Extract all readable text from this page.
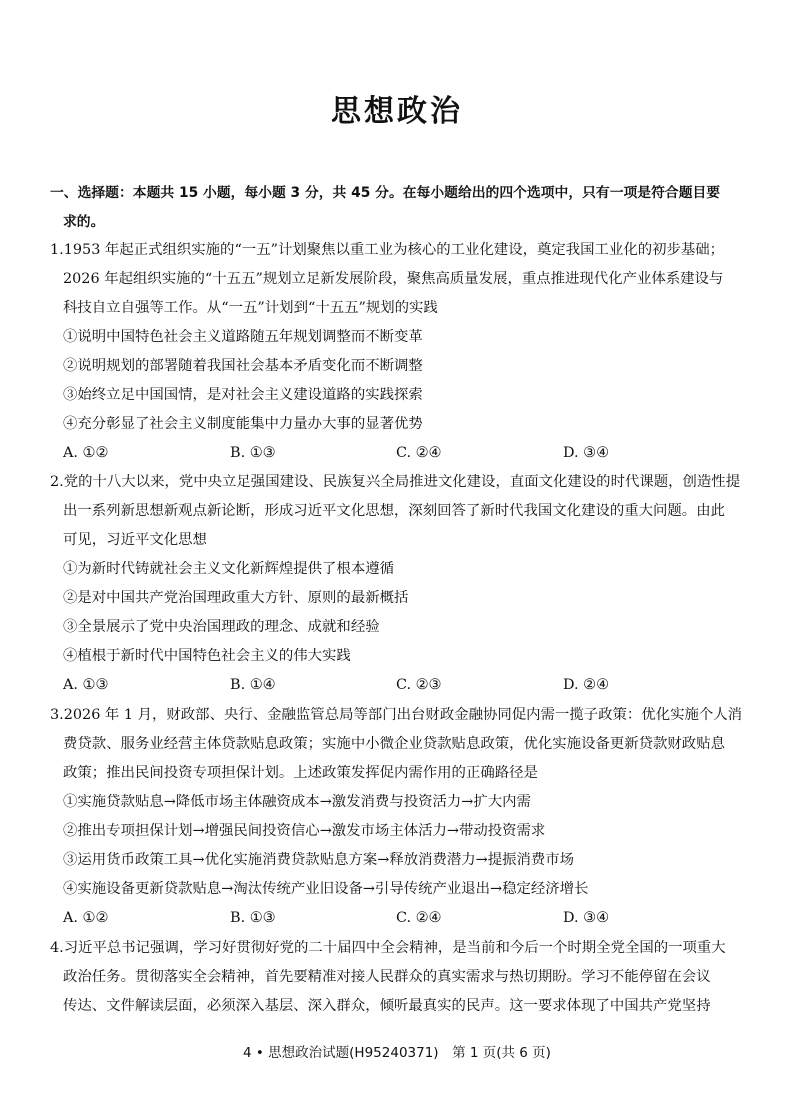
思想政治
一、选择题：本题共 15 小题，每小题 3 分，共 45 分。在每小题给出的四个选项中，只有一项是符合题目要
求的。
1.1953 年起正式组织实施的“一五”计划聚焦以重工业为核心的工业化建设，奠定我国工业化的初步基础；
2026 年起组织实施的“十五五”规划立足新发展阶段，聚焦高质量发展，重点推进现代化产业体系建设与
科技自立自强等工作。从“一五”计划到“十五五”规划的实践
①说明中国特色社会主义道路随五年规划调整而不断变革
②说明规划的部署随着我国社会基本矛盾变化而不断调整
③始终立足中国国情，是对社会主义建设道路的实践探索
④充分彰显了社会主义制度能集中力量办大事的显著优势
A. ①②	B. ①③	C. ②④	D. ③④
2.党的十八大以来，党中央立足强国建设、民族复兴全局推进文化建设，直面文化建设的时代课题，创造性提
出一系列新思想新观点新论断，形成习近平文化思想，深刻回答了新时代我国文化建设的重大问题。由此
可见，习近平文化思想
①为新时代铸就社会主义文化新辉煌提供了根本遵循
②是对中国共产党治国理政重大方针、原则的最新概括
③全景展示了党中央治国理政的理念、成就和经验
④植根于新时代中国特色社会主义的伟大实践
A. ①③	B. ①④	C. ②③	D. ②④
3.2026 年 1 月，财政部、央行、金融监管总局等部门出台财政金融协同促内需一揽子政策：优化实施个人消
费贷款、服务业经营主体贷款贴息政策；实施中小微企业贷款贴息政策，优化实施设备更新贷款财政贴息
政策；推出民间投资专项担保计划。上述政策发挥促内需作用的正确路径是
①实施贷款贴息→降低市场主体融资成本→激发消费与投资活力→扩大内需
②推出专项担保计划→增强民间投资信心→激发市场主体活力→带动投资需求
③运用货币政策工具→优化实施消费贷款贴息方案→释放消费潜力→提振消费市场
④实施设备更新贷款贴息→淘汰传统产业旧设备→引导传统产业退出→稳定经济增长
A. ①②	B. ①③	C. ②④	D. ③④
4.习近平总书记强调，学习好贯彻好党的二十届四中全会精神，是当前和今后一个时期全党全国的一项重大
政治任务。贯彻落实全会精神，首先要精准对接人民群众的真实需求与热切期盼。学习不能停留在会议
传达、文件解读层面，必须深入基层、深入群众，倾听最真实的民声。这一要求体现了中国共产党坚持
4 • 思想政治试题(H95240371)　第 1 页(共 6 页)
